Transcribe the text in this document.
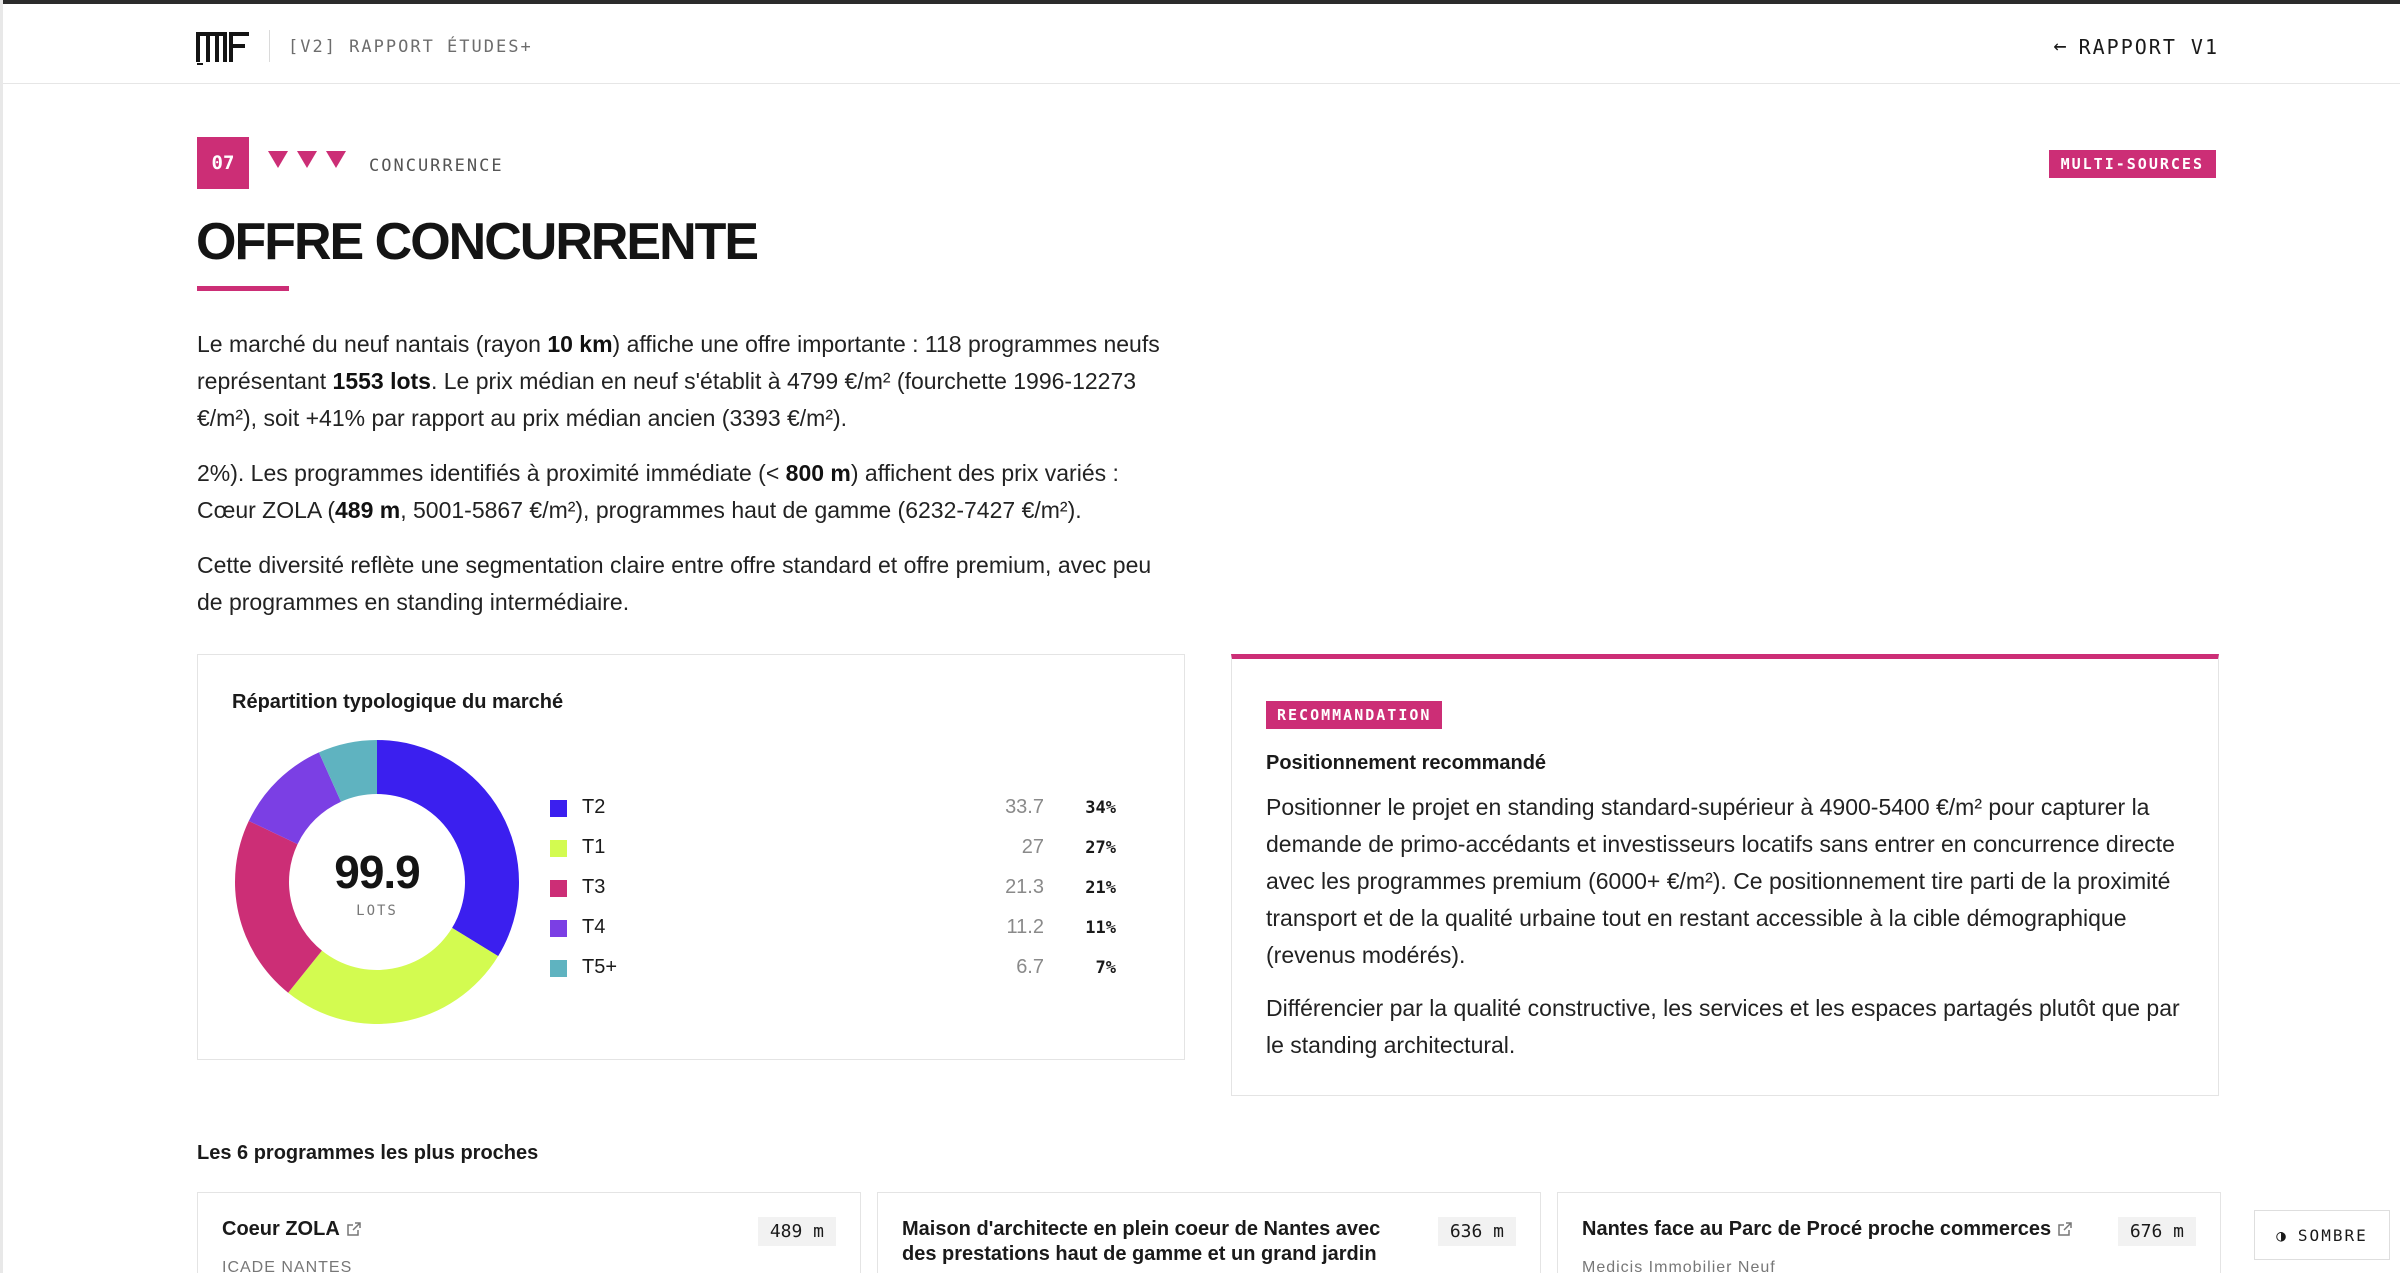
[V2] RAPPORT ÉTUDES+	← RAPPORT V1
07	CONCURRENCE	MULTI-SOURCES
OFFRE CONCURRENTE

Le marché du neuf nantais (rayon 10 km) affiche une offre importante : 118 programmes neufs représentant 1553 lots. Le prix médian en neuf s'établit à 4799 €/m² (fourchette 1996-12273 €/m²), soit +41% par rapport au prix médian ancien (3393 €/m²).

2%). Les programmes identifiés à proximité immédiate (< 800 m) affichent des prix variés : Cœur ZOLA (489 m, 5001-5867 €/m²), programmes haut de gamme (6232-7427 €/m²).

Cette diversité reflète une segmentation claire entre offre standard et offre premium, avec peu de programmes en standing intermédiaire.

Répartition typologique du marché
99.9
LOTS
T2	33.7 34%
T1	27 27%
T3	21.3 21%
T4	11.2 11%
T5+	6.7	7%
RECOMMANDATION
Positionnement recommandé

Positionner le projet en standing standard-supérieur à 4900-5400 €/m² pour capturer la demande de primo-accédants et investisseurs locatifs sans entrer en concurrence directe avec les programmes premium (6000+ €/m²). Ce positionnement tire parti de la proximité transport et de la qualité urbaine tout en restant accessible à la cible démographique (revenus modérés).

Différencier par la qualité constructive, les services et les espaces partagés plutôt que par le standing architectural.

Les 6 programmes les plus proches
Coeur ZOLA	489 m
ICADE NANTES
Maison d'architecte en plein coeur de Nantes avec des prestations haut de gamme et un grand jardin
636 m	Nantes face au Parc de Procé proche commerces	676 m
Medicis Immobilier Neuf
◑ SOMBRE
